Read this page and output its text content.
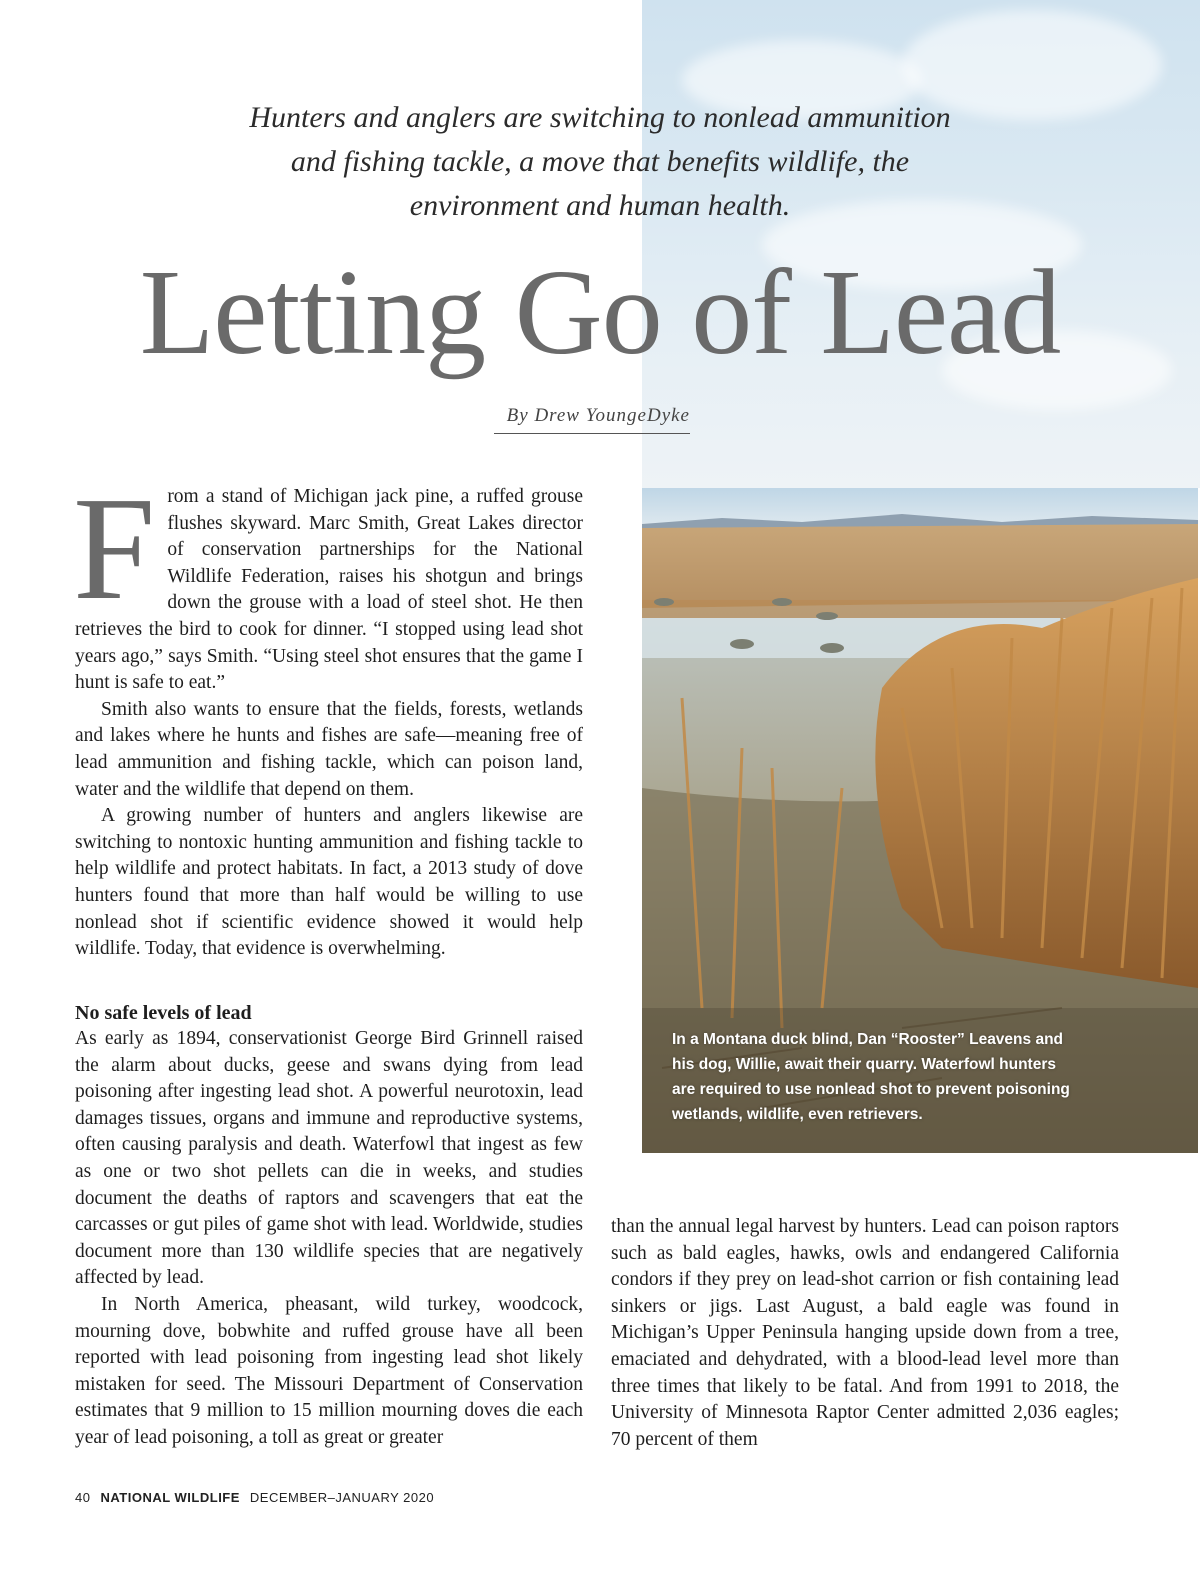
Hunters and anglers are switching to nonlead ammunition and fishing tackle, a move that benefits wildlife, the environment and human health.
Letting Go of Lead
By Drew YoungeDyke
In a Montana duck blind, Dan “Rooster” Leavens and his dog, Willie, await their quarry. Waterfowl hunters are required to use nonlead shot to prevent poisoning wetlands, wildlife, even retrievers.
F rom a stand of Michigan jack pine, a ruffed grouse flushes skyward. Marc Smith, Great Lakes director of conservation partnerships for the National Wildlife Federation, raises his shotgun and brings down the grouse with a load of steel shot. He then retrieves the bird to cook for dinner. “I stopped using lead shot years ago,” says Smith. “Using steel shot ensures that the game I hunt is safe to eat.”

Smith also wants to ensure that the fields, forests, wetlands and lakes where he hunts and fishes are safe—meaning free of lead ammunition and fishing tackle, which can poison land, water and the wildlife that depend on them.

A growing number of hunters and anglers likewise are switching to nontoxic hunting ammunition and fishing tackle to help wildlife and protect habitats. In fact, a 2013 study of dove hunters found that more than half would be willing to use nonlead shot if scientific evidence showed it would help wildlife. Today, that evidence is overwhelming.

No safe levels of lead

As early as 1894, conservationist George Bird Grinnell raised the alarm about ducks, geese and swans dying from lead poisoning after ingesting lead shot. A powerful neurotoxin, lead damages tissues, organs and immune and reproductive systems, often causing paralysis and death. Waterfowl that ingest as few as one or two shot pellets can die in weeks, and studies document the deaths of raptors and scavengers that eat the carcasses or gut piles of game shot with lead. Worldwide, studies document more than 130 wildlife species that are negatively affected by lead.

In North America, pheasant, wild turkey, woodcock, mourning dove, bobwhite and ruffed grouse have all been reported with lead poisoning from ingesting lead shot likely mistaken for seed. The Missouri Department of Conservation estimates that 9 million to 15 million mourning doves die each year of lead poisoning, a toll as great or greater

than the annual legal harvest by hunters. Lead can poison raptors such as bald eagles, hawks, owls and endangered California condors if they prey on lead-shot carrion or fish containing lead sinkers or jigs. Last August, a bald eagle was found in Michigan’s Upper Peninsula hanging upside down from a tree, emaciated and dehydrated, with a blood-lead level more than three times that likely to be fatal. And from 1991 to 2018, the University of Minnesota Raptor Center admitted 2,036 eagles; 70 percent of them

40 NATIONAL WILDLIFE DECEMBER–JANUARY 2020
